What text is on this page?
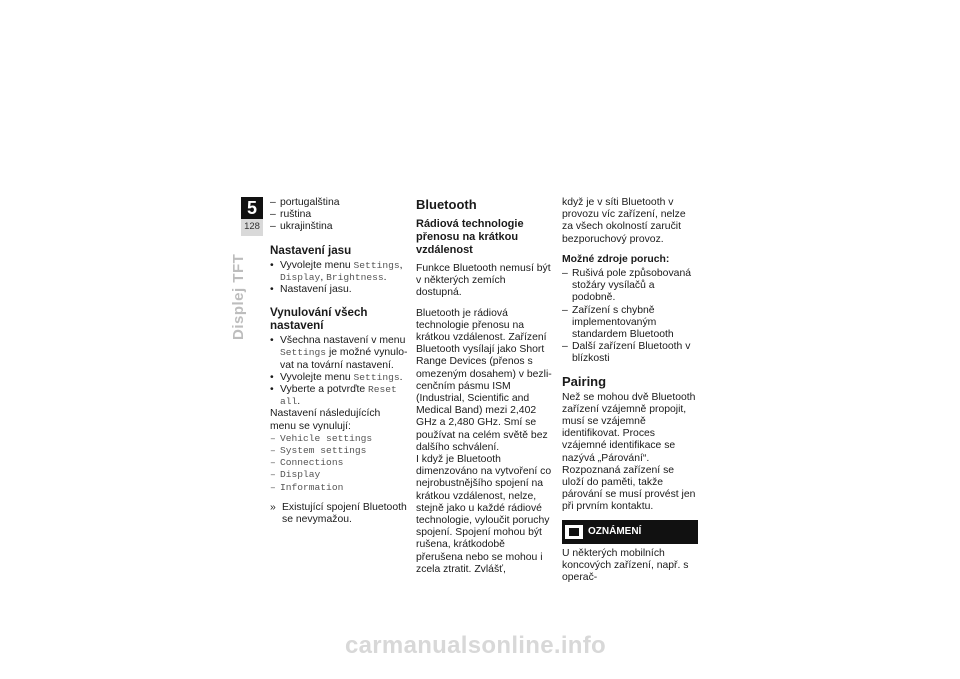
5
128
Displej TFT
– portugalština
– ruština
– ukrajinština
Nastavení jasu
• Vyvolejte menu Settings,
Display, Brightness.
• Nastavení jasu.
Vynulování všech nastavení
• Všechna nastavení v menu
Settings je možné vynulovat na tovární nastavení.
• Vyvolejte menu Settings.
• Vyberte a potvrďte Reset all.
Nastavení následujících menu se vynulují:
– Vehicle settings
– System settings
– Connections
– Display
– Information
» Existující spojení Bluetooth se nevymažou.
Bluetooth
Rádiová technologie přenosu na krátkou vzdálenost
Funkce Bluetooth nemusí být v některých zemích dostupná.
Bluetooth je rádiová technologie přenosu na krátkou vzdálenost. Zařízení Bluetooth vysílají jako Short Range Devices (přenos s omezeným dosahem) v bezlicenčním pásmu ISM (Industrial, Scientific and Medical Band) mezi 2,402 GHz a 2,480 GHz. Smí se používat na celém světě bez dalšího schválení.
I když je Bluetooth dimenzováno na vytvoření co nejrobustnějšího spojení na krátkou vzdálenost, nelze, stejně jako u každé rádiové technologie, vyloučit poruchy spojení. Spojení mohou být rušena, krátkodobě přerušena nebo se mohou i zcela ztratit. Zvlášť,
když je v síti Bluetooth v provozu víc zařízení, nelze za všech okolností zaručit bezporuchový provoz.
Možné zdroje poruch:
– Rušivá pole způsobovaná stožáry vysílačů a podobně.
– Zařízení s chybně implementovaným standardem Bluetooth
– Další zařízení Bluetooth v blízkosti
Pairing
Než se mohou dvě Bluetooth zařízení vzájemně propojit, musí se vzájemně identifikovat. Proces vzájemné identifikace se nazývá „Párování“. Rozpoznaná zařízení se uloží do paměti, takže párování se musí provést jen při prvním kontaktu.
OZNÁMENÍ
U některých mobilních koncových zařízení, např. s operač-
carmanualsonline.info
